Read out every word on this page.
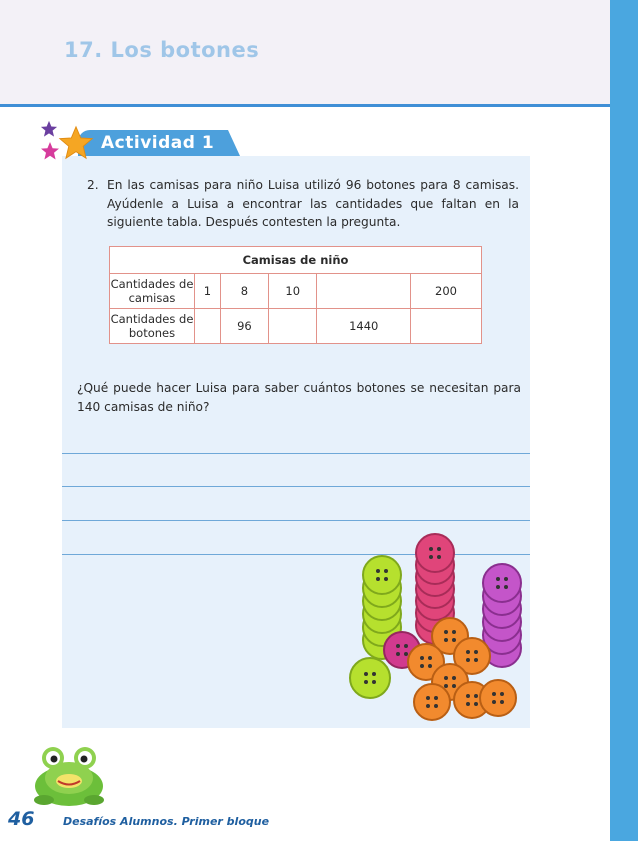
17. Los botones
Actividad 1
2. En las camisas para niño Luisa utilizó 96 botones para 8 camisas. Ayúdenle a Luisa a encontrar las cantidades que faltan en la siguiente tabla. Después contesten la pregunta.
Camisas de niño					
Cantidades de camisas	1	8	10		200
Cantidades de botones		96		1440	
¿Qué puede hacer Luisa para saber cuántos botones se necesitan para 140 camisas de niño?
46	Desafíos Alumnos. Primer bloque
